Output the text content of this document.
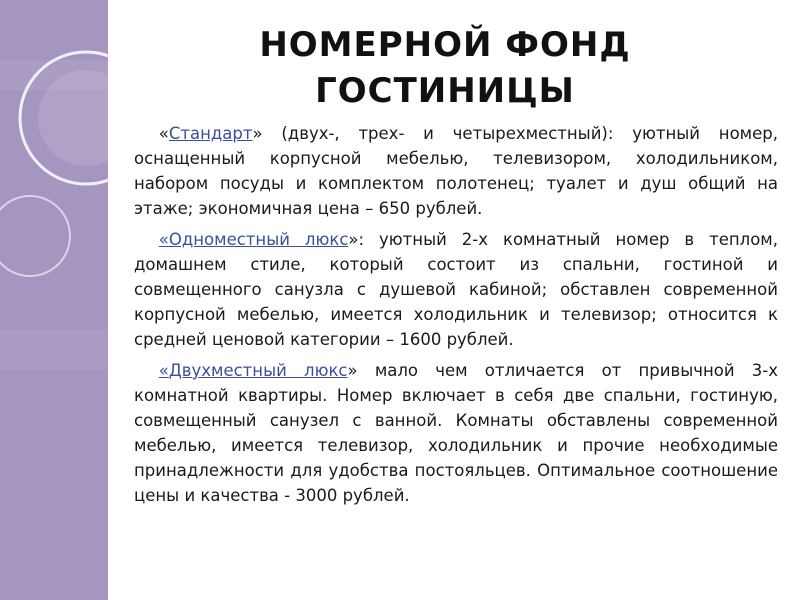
НОМЕРНОЙ ФОНД
ГОСТИНИЦЫ

  «Стандарт» (двух-, трех- и четырехместный): уютный номер, оснащенный корпусной мебелью, телевизором, холодильником, набором посуды и комплектом полотенец; туалет и душ общий на этаже; экономичная цена – 650 рублей.

  «Одноместный люкс»: уютный 2-х комнатный номер в теплом, домашнем стиле, который состоит из спальни, гостиной и совмещенного санузла с душевой кабиной; обставлен современной корпусной мебелью, имеется холодильник и телевизор; относится к средней ценовой категории – 1600 рублей.

  «Двухместный люкс» мало чем отличается от привычной 3-х комнатной квартиры. Номер включает в себя две спальни, гостиную, совмещенный санузел с ванной. Комнаты обставлены современной мебелью, имеется телевизор, холодильник и прочие необходимые принадлежности для удобства постояльцев. Оптимальное соотношение цены и качества - 3000 рублей.
